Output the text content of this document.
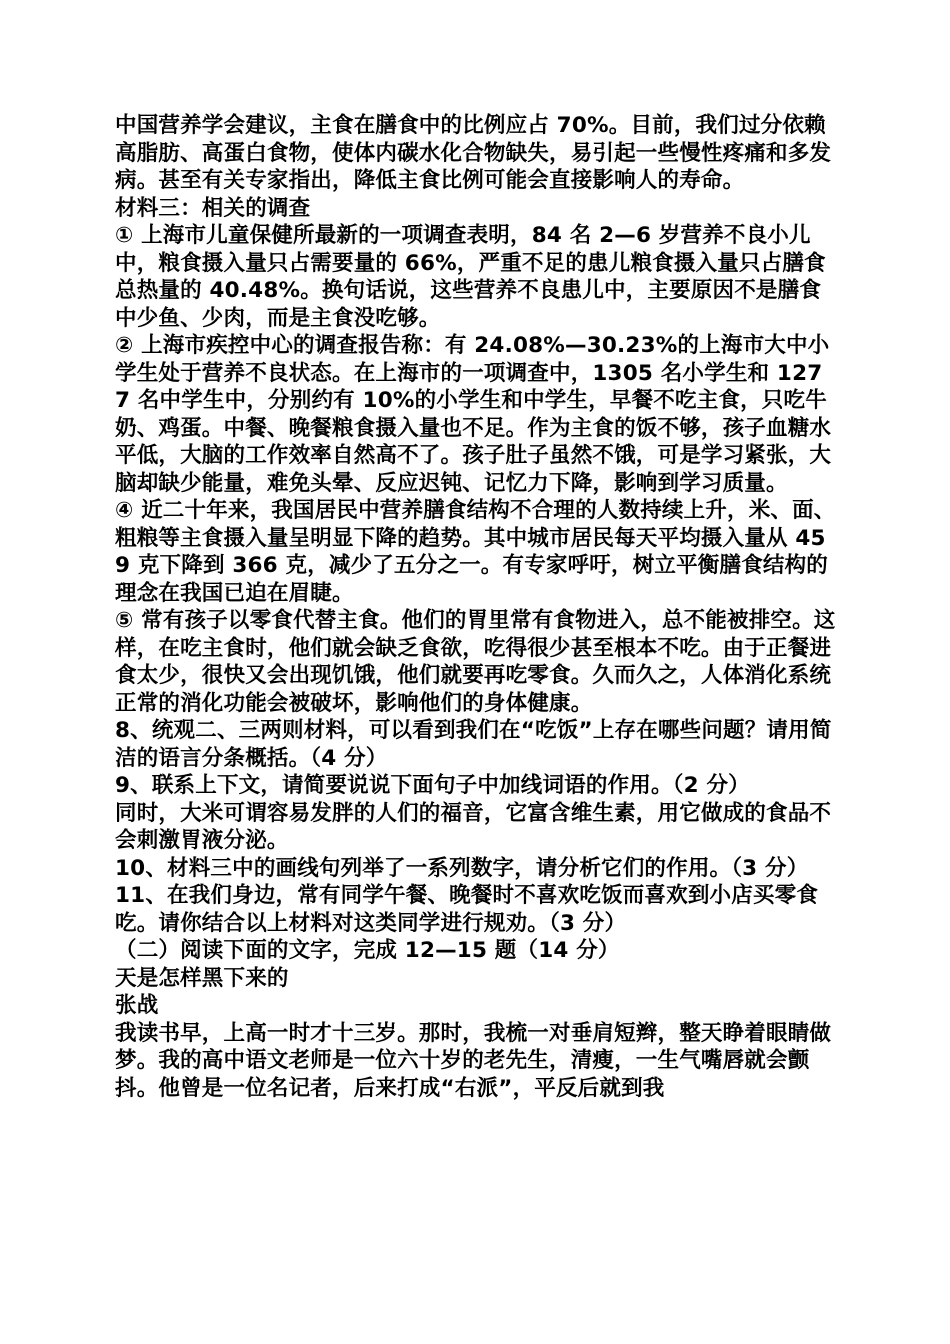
中国营养学会建议，主食在膳食中的比例应占 70%。目前，我们过分依赖高脂肪、高蛋白食物，使体内碳水化合物缺失，易引起一些慢性疼痛和多发病。甚至有关专家指出，降低主食比例可能会直接影响人的寿命。

材料三：相关的调查

① 上海市儿童保健所最新的一项调查表明，84 名 2—6 岁营养不良小儿中，粮食摄入量只占需要量的 66%，严重不足的患儿粮食摄入量只占膳食总热量的 40.48%。换句话说，这些营养不良患儿中，主要原因不是膳食中少鱼、少肉，而是主食没吃够。

② 上海市疾控中心的调查报告称：有 24.08%—30.23%的上海市大中小学生处于营养不良状态。在上海市的一项调查中，1305 名小学生和 1277 名中学生中，分别约有 10%的小学生和中学生，早餐不吃主食，只吃牛奶、鸡蛋。中餐、晚餐粮食摄入量也不足。作为主食的饭不够，孩子血糖水平低，大脑的工作效率自然高不了。孩子肚子虽然不饿，可是学习紧张，大脑却缺少能量，难免头晕、反应迟钝、记忆力下降，影响到学习质量。

④ 近二十年来，我国居民中营养膳食结构不合理的人数持续上升，米、面、粗粮等主食摄入量呈明显下降的趋势。其中城市居民每天平均摄入量从 459 克下降到 366 克，减少了五分之一。有专家呼吁，树立平衡膳食结构的理念在我国已迫在眉睫。

⑤ 常有孩子以零食代替主食。他们的胃里常有食物进入，总不能被排空。这样，在吃主食时，他们就会缺乏食欲，吃得很少甚至根本不吃。由于正餐进食太少，很快又会出现饥饿，他们就要再吃零食。久而久之，人体消化系统正常的消化功能会被破坏，影响他们的身体健康。

8、统观二、三两则材料，可以看到我们在“吃饭”上存在哪些问题？请用简洁的语言分条概括。（4 分）

9、联系上下文，请简要说说下面句子中加线词语的作用。（2 分）

同时，大米可谓容易发胖的人们的福音，它富含维生素，用它做成的食品不会刺激胃液分泌。

10、材料三中的画线句列举了一系列数字，请分析它们的作用。（3 分）

11、在我们身边，常有同学午餐、晚餐时不喜欢吃饭而喜欢到小店买零食吃。请你结合以上材料对这类同学进行规劝。（3 分）

（二）阅读下面的文字，完成 12—15 题（14 分）

天是怎样黑下来的

张战

我读书早，上高一时才十三岁。那时，我梳一对垂肩短辫，整天睁着眼睛做梦。我的高中语文老师是一位六十岁的老先生，清瘦，一生气嘴唇就会颤抖。他曾是一位名记者，后来打成“右派”，平反后就到我
